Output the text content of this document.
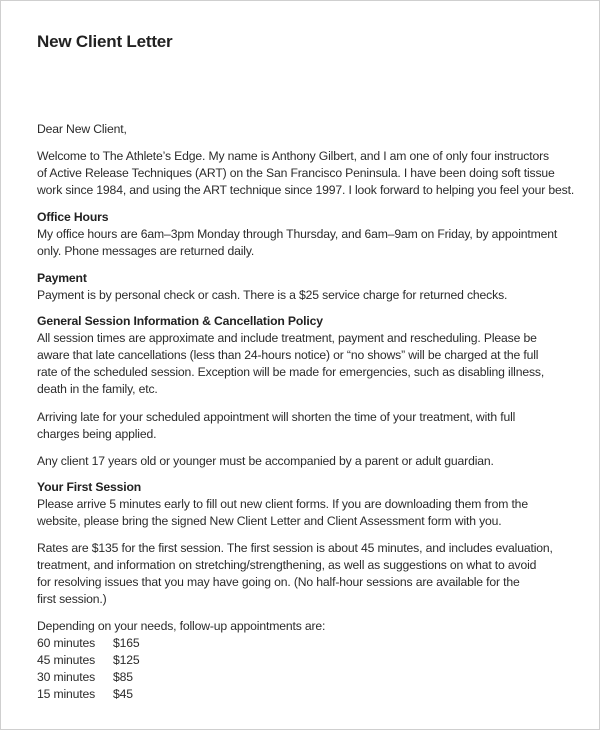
New Client Letter

Dear New Client,

Welcome to The Athlete’s Edge. My name is Anthony Gilbert, and I am one of only four instructors

of Active Release Techniques (ART) on the San Francisco Peninsula. I have been doing soft tissue

work since 1984, and using the ART technique since 1997. I look forward to helping you feel your best.

Office Hours

My office hours are 6am–3pm Monday through Thursday, and 6am–9am on Friday, by appointment

only. Phone messages are returned daily.

Payment

Payment is by personal check or cash. There is a $25 service charge for returned checks.

General Session Information & Cancellation Policy

All session times are approximate and include treatment, payment and rescheduling. Please be

aware that late cancellations (less than 24-hours notice) or “no shows” will be charged at the full

rate of the scheduled session. Exception will be made for emergencies, such as disabling illness,

death in the family, etc.

Arriving late for your scheduled appointment will shorten the time of your treatment, with full

charges being applied.

Any client 17 years old or younger must be accompanied by a parent or adult guardian.

Your First Session

Please arrive 5 minutes early to fill out new client forms. If you are downloading them from the

website, please bring the signed New Client Letter and Client Assessment form with you.

Rates are $135 for the first session. The first session is about 45 minutes, and includes evaluation,

treatment, and information on stretching/strengthening, as well as suggestions on what to avoid

for resolving issues that you may have going on. (No half-hour sessions are available for the

first session.)

Depending on your needs, follow-up appointments are:

60 minutes	$165
45 minutes	$125
30 minutes	$85
15 minutes	$45
